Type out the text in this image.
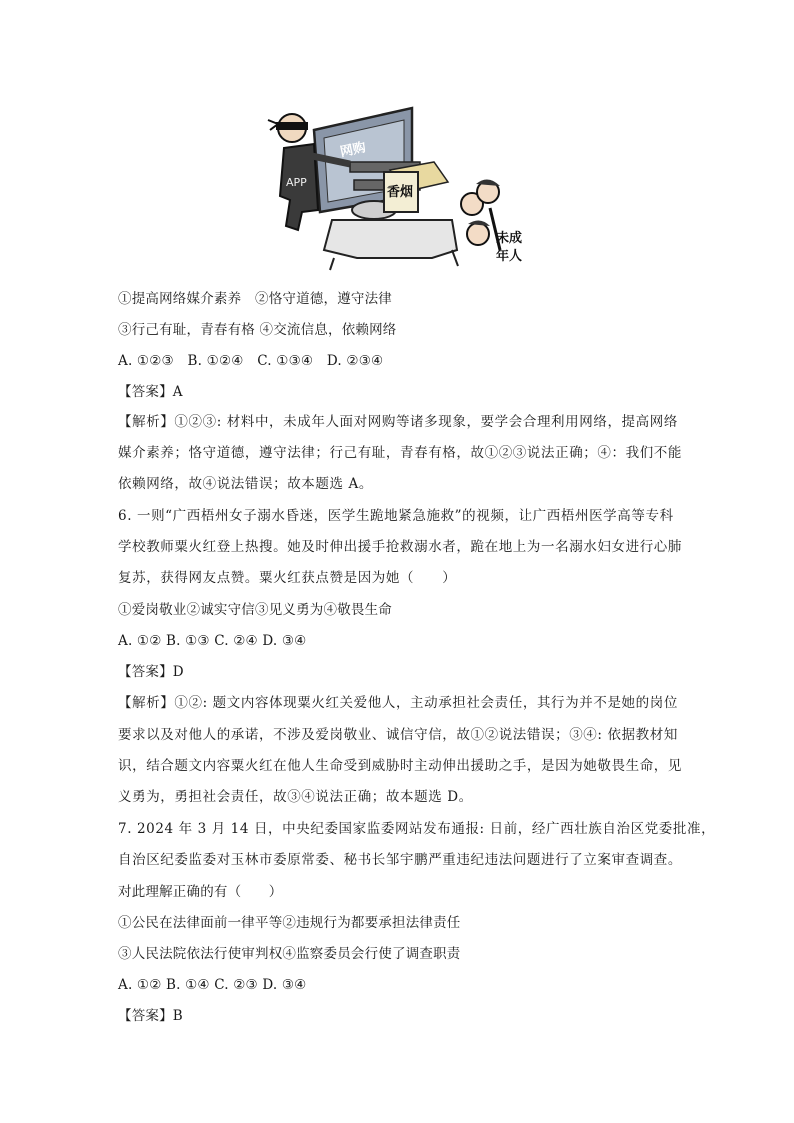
网购
香烟
APP
未成
年人
①提高网络媒介素养　②恪守道德，遵守法律
③行己有耻，青春有格 ④交流信息，依赖网络
A. ①②③　B. ①②④　C. ①③④　D. ②③④
【答案】A
【解析】①②③: 材料中，未成年人面对网购等诸多现象，要学会合理利用网络，提高网络
媒介素养；恪守道德，遵守法律；行己有耻，青春有格，故①②③说法正确；④：我们不能
依赖网络，故④说法错误；故本题选 A。
6. 一则“广西梧州女子溺水昏迷，医学生跪地紧急施救”的视频，让广西梧州医学高等专科
学校教师粟火红登上热搜。她及时伸出援手抢救溺水者，跪在地上为一名溺水妇女进行心肺
复苏，获得网友点赞。粟火红获点赞是因为她（　　）
①爱岗敬业②诚实守信③见义勇为④敬畏生命
A. ①② B. ①③ C. ②④ D. ③④
【答案】D
【解析】①②: 题文内容体现粟火红关爱他人，主动承担社会责任，其行为并不是她的岗位
要求以及对他人的承诺，不涉及爱岗敬业、诚信守信，故①②说法错误；③④: 依据教材知
识，结合题文内容粟火红在他人生命受到威胁时主动伸出援助之手，是因为她敬畏生命，见
义勇为，勇担社会责任，故③④说法正确；故本题选 D。
7. 2024 年 3 月 14 日，中央纪委国家监委网站发布通报: 日前，经广西壮族自治区党委批准，
自治区纪委监委对玉林市委原常委、秘书长邹宇鹏严重违纪违法问题进行了立案审查调查。
对此理解正确的有（　　）
①公民在法律面前一律平等②违规行为都要承担法律责任
③人民法院依法行使审判权④监察委员会行使了调查职责
A. ①② B. ①④ C. ②③ D. ③④
【答案】B
